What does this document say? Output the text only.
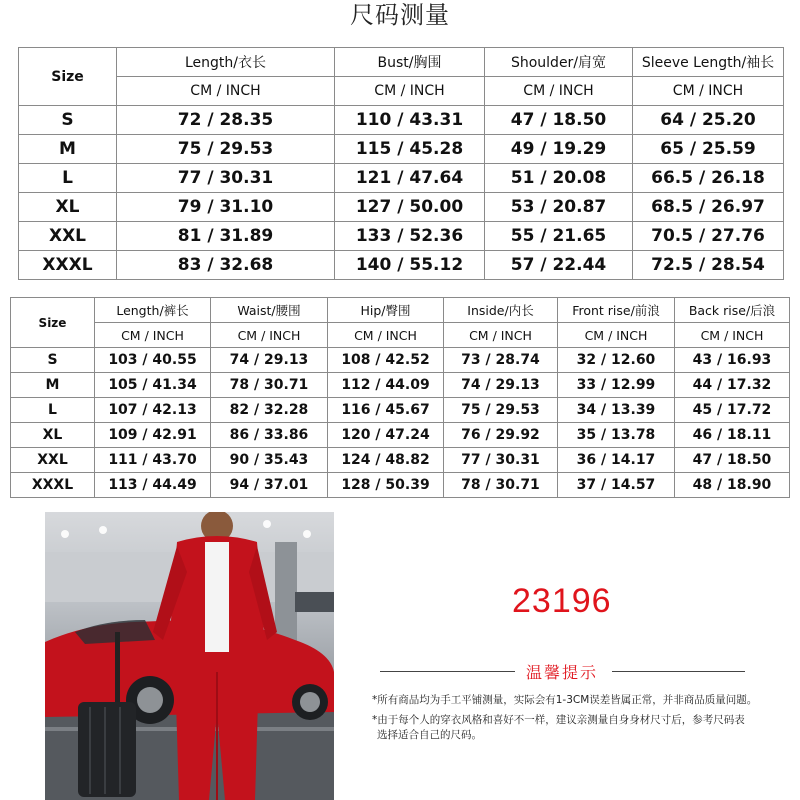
尺码测量
Size	Length/衣长	Bust/胸围	Shoulder/肩宽	Sleeve Length/袖长
	CM / INCH	CM / INCH	CM / INCH	CM / INCH
S	72 / 28.35	110 / 43.31	47 / 18.50	64 / 25.20
M	75 / 29.53	115 / 45.28	49 / 19.29	65 / 25.59
L	77 / 30.31	121 / 47.64	51 / 20.08	66.5 / 26.18
XL	79 / 31.10	127 / 50.00	53 / 20.87	68.5 / 26.97
XXL	81 / 31.89	133 / 52.36	55 / 21.65	70.5 / 27.76
XXXL	83 / 32.68	140 / 55.12	57 / 22.44	72.5 / 28.54
Size	Length/裤长	Waist/腰围	Hip/臀围	Inside/内长	Front rise/前浪	Back rise/后浪
	CM / INCH	CM / INCH	CM / INCH	CM / INCH	CM / INCH	CM / INCH
S	103 / 40.55	74 / 29.13	108 / 42.52	73 / 28.74	32 / 12.60	43 / 16.93
M	105 / 41.34	78 / 30.71	112 / 44.09	74 / 29.13	33 / 12.99	44 / 17.32
L	107 / 42.13	82 / 32.28	116 / 45.67	75 / 29.53	34 / 13.39	45 / 17.72
XL	109 / 42.91	86 / 33.86	120 / 47.24	76 / 29.92	35 / 13.78	46 / 18.11
XXL	111 / 43.70	90 / 35.43	124 / 48.82	77 / 30.31	36 / 14.17	47 / 18.50
XXXL	113 / 44.49	94 / 37.01	128 / 50.39	78 / 30.71	37 / 14.57	48 / 18.90
23196
温馨提示
*所有商品均为手工平铺测量，实际会有1-3CM误差皆属正常，并非商品质量问题。
*由于每个人的穿衣风格和喜好不一样，建议亲测量自身身材尺寸后，参考尺码表
选择适合自己的尺码。
